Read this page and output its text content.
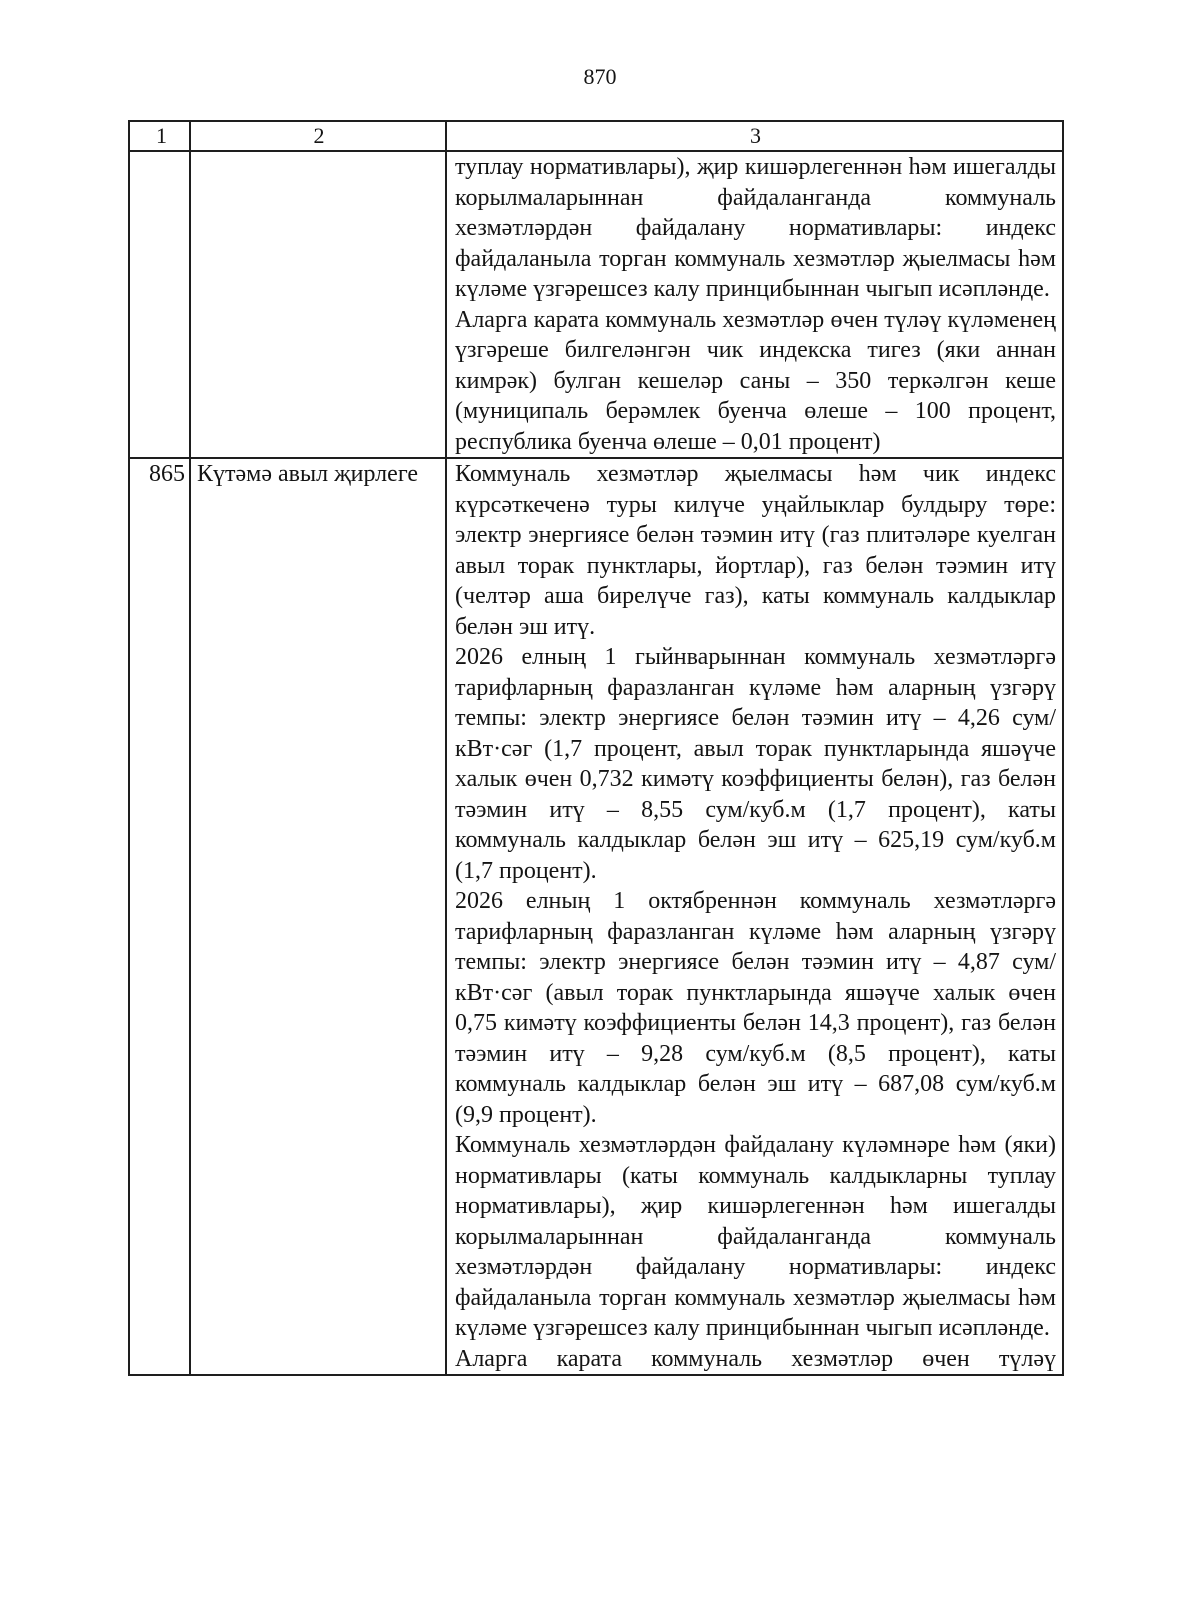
870
1	2	3

		туплау нормативлары), җир кишәрлегеннән һәм ишегалды корылмаларыннан файдаланганда коммуналь хезмәтләрдән файдалану нормативлары: индекс файдаланыла торган коммуналь хезмәтләр җыелмасы һәм күләме үзгәрешсез калу принцибыннан чыгып исәпләнде.

Аларга карата коммуналь хезмәтләр өчен түләү күләменең үзгәреше билгеләнгән чик индекска тигез (яки аннан кимрәк) булган кешеләр саны – 350 теркәлгән кеше (муниципаль берәмлек буенча өлеше – 100 процент, республика буенча өлеше – 0,01 процент)

865	Күтәмә авыл җирлеге	Коммуналь хезмәтләр җыелмасы һәм чик индекс күрсәткеченә туры килүче уңайлыклар булдыру төре: электр энергиясе белән тәэмин итү (газ плитәләре куелган авыл торак пунктлары, йортлар), газ белән тәэмин итү (челтәр аша бирелүче газ), каты коммуналь калдыклар белән эш итү.

2026 елның 1 гыйнварыннан коммуналь хезмәтләргә тарифларның фаразланган күләме һәм аларның үзгәрү темпы: электр энергиясе белән тәэмин итү – 4,26 сум/кВт·сәг (1,7 процент, авыл торак пунктларында яшәүче халык өчен 0,732 кимәтү коэффициенты белән), газ белән тәэмин итү – 8,55 сум/куб.м (1,7 процент), каты коммуналь калдыклар белән эш итү – 625,19 сум/куб.м (1,7 процент).

2026 елның 1 октябреннән коммуналь хезмәтләргә тарифларның фаразланган күләме һәм аларның үзгәрү темпы: электр энергиясе белән тәэмин итү – 4,87 сум/кВт·сәг (авыл торак пунктларында яшәүче халык өчен 0,75 кимәтү коэффициенты белән 14,3 процент), газ белән тәэмин итү – 9,28 сум/куб.м (8,5 процент), каты коммуналь калдыклар белән эш итү – 687,08 сум/куб.м (9,9 процент).

Коммуналь хезмәтләрдән файдалану күләмнәре һәм (яки) нормативлары (каты коммуналь калдыкларны туплау нормативлары), җир кишәрлегеннән һәм ишегалды корылмаларыннан файдаланганда коммуналь хезмәтләрдән файдалану нормативлары: индекс файдаланыла торган коммуналь хезмәтләр җыелмасы һәм күләме үзгәрешсез калу принцибыннан чыгып исәпләнде.

Аларга карата коммуналь хезмәтләр өчен түләү
